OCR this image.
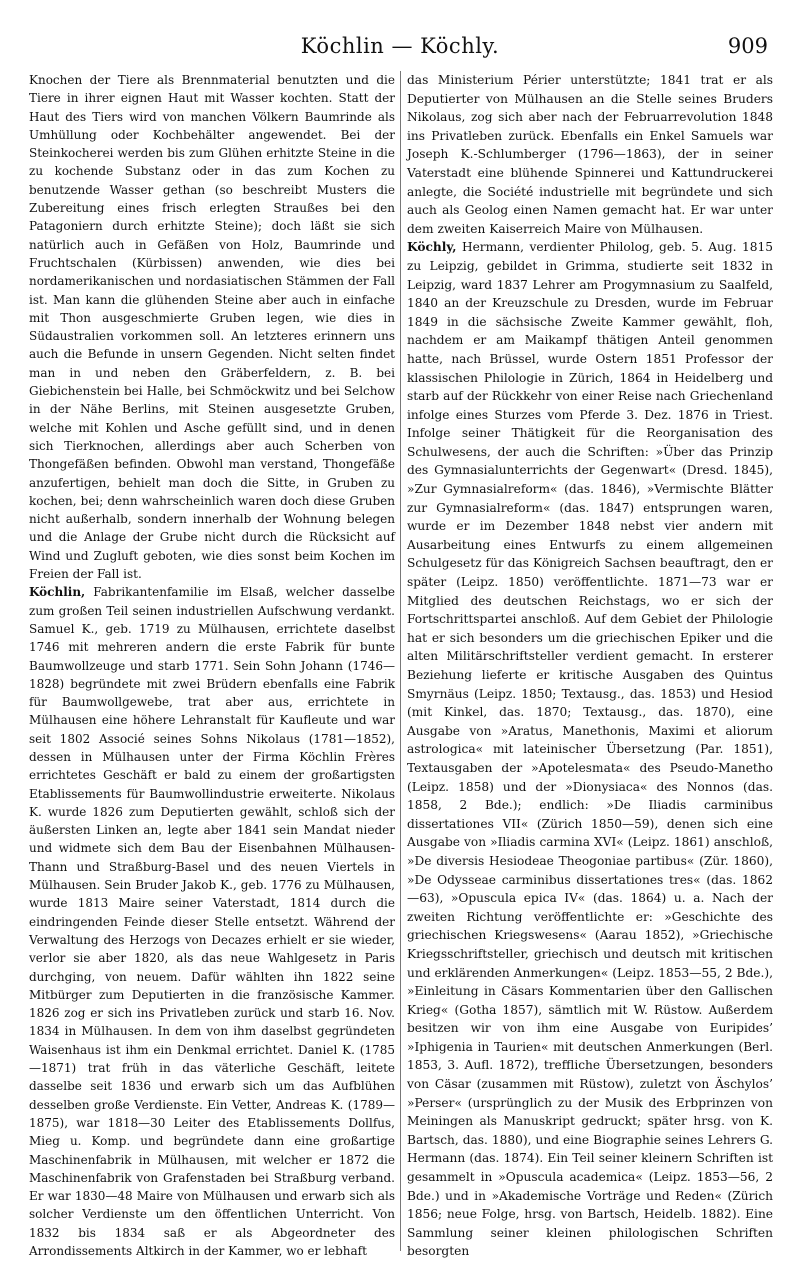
Köchlin — Köchly.	909

Knochen der Tiere als Brennmaterial benutzten und die Tiere in ihrer eignen Haut mit Wasser kochten. Statt der Haut des Tiers wird von manchen Völkern Baumrinde als Umhüllung oder Kochbehälter angewendet. Bei der Steinkocherei werden bis zum Glühen erhitzte Steine in die zu kochende Substanz oder in das zum Kochen zu benutzende Wasser gethan (so beschreibt Musters die Zubereitung eines frisch erlegten Straußes bei den Patagoniern durch erhitzte Steine); doch läßt sie sich natürlich auch in Gefäßen von Holz, Baumrinde und Fruchtschalen (Kürbissen) anwenden, wie dies bei nordamerikanischen und nordasiatischen Stämmen der Fall ist. Man kann die glühenden Steine aber auch in einfache mit Thon ausgeschmierte Gruben legen, wie dies in Südaustralien vorkommen soll. An letzteres erinnern uns auch die Befunde in unsern Gegenden. Nicht selten findet man in und neben den Gräberfeldern, z. B. bei Giebichenstein bei Halle, bei Schmöckwitz und bei Selchow in der Nähe Berlins, mit Steinen ausgesetzte Gruben, welche mit Kohlen und Asche gefüllt sind, und in denen sich Tierknochen, allerdings aber auch Scherben von Thongefäßen befinden. Obwohl man verstand, Thongefäße anzufertigen, behielt man doch die Sitte, in Gruben zu kochen, bei; denn wahrscheinlich waren doch diese Gruben nicht außerhalb, sondern innerhalb der Wohnung belegen und die Anlage der Grube nicht durch die Rücksicht auf Wind und Zugluft geboten, wie dies sonst beim Kochen im Freien der Fall ist.

Köchlin, Fabrikantenfamilie im Elsaß, welcher dasselbe zum großen Teil seinen industriellen Aufschwung verdankt. Samuel K., geb. 1719 zu Mülhausen, errichtete daselbst 1746 mit mehreren andern die erste Fabrik für bunte Baumwollzeuge und starb 1771. Sein Sohn Johann (1746—1828) begründete mit zwei Brüdern ebenfalls eine Fabrik für Baumwollgewebe, trat aber aus, errichtete in Mülhausen eine höhere Lehranstalt für Kaufleute und war seit 1802 Associé seines Sohns Nikolaus (1781—1852), dessen in Mülhausen unter der Firma Köchlin Frères errichtetes Geschäft er bald zu einem der großartigsten Etablissements für Baumwollindustrie erweiterte. Nikolaus K. wurde 1826 zum Deputierten gewählt, schloß sich der äußersten Linken an, legte aber 1841 sein Mandat nieder und widmete sich dem Bau der Eisenbahnen Mülhausen-Thann und Straßburg-Basel und des neuen Viertels in Mülhausen. Sein Bruder Jakob K., geb. 1776 zu Mülhausen, wurde 1813 Maire seiner Vaterstadt, 1814 durch die eindringenden Feinde dieser Stelle entsetzt. Während der Verwaltung des Herzogs von Decazes erhielt er sie wieder, verlor sie aber 1820, als das neue Wahlgesetz in Paris durchging, von neuem. Dafür wählten ihn 1822 seine Mitbürger zum Deputierten in die französische Kammer. 1826 zog er sich ins Privatleben zurück und starb 16. Nov. 1834 in Mülhausen. In dem von ihm daselbst gegründeten Waisenhaus ist ihm ein Denkmal errichtet. Daniel K. (1785—1871) trat früh in das väterliche Geschäft, leitete dasselbe seit 1836 und erwarb sich um das Aufblühen desselben große Verdienste. Ein Vetter, Andreas K. (1789—1875), war 1818—30 Leiter des Etablissements Dollfus, Mieg u. Komp. und begründete dann eine großartige Maschinenfabrik in Mülhausen, mit welcher er 1872 die Maschinenfabrik von Grafenstaden bei Straßburg verband. Er war 1830—48 Maire von Mülhausen und erwarb sich als solcher Verdienste um den öffentlichen Unterricht. Von 1832 bis 1834 saß er als Abgeordneter des Arrondissements Altkirch in der Kammer, wo er lebhaft

das Ministerium Périer unterstützte; 1841 trat er als Deputierter von Mülhausen an die Stelle seines Bruders Nikolaus, zog sich aber nach der Februarrevolution 1848 ins Privatleben zurück. Ebenfalls ein Enkel Samuels war Joseph K.-Schlumberger (1796—1863), der in seiner Vaterstadt eine blühende Spinnerei und Kattundruckerei anlegte, die Société industrielle mit begründete und sich auch als Geolog einen Namen gemacht hat. Er war unter dem zweiten Kaiserreich Maire von Mülhausen.

Köchly, Hermann, verdienter Philolog, geb. 5. Aug. 1815 zu Leipzig, gebildet in Grimma, studierte seit 1832 in Leipzig, ward 1837 Lehrer am Progymnasium zu Saalfeld, 1840 an der Kreuzschule zu Dresden, wurde im Februar 1849 in die sächsische Zweite Kammer gewählt, floh, nachdem er am Maikampf thätigen Anteil genommen hatte, nach Brüssel, wurde Ostern 1851 Professor der klassischen Philologie in Zürich, 1864 in Heidelberg und starb auf der Rückkehr von einer Reise nach Griechenland infolge eines Sturzes vom Pferde 3. Dez. 1876 in Triest. Infolge seiner Thätigkeit für die Reorganisation des Schulwesens, der auch die Schriften: »Über das Prinzip des Gymnasialunterrichts der Gegenwart« (Dresd. 1845), »Zur Gymnasialreform« (das. 1846), »Vermischte Blätter zur Gymnasialreform« (das. 1847) entsprungen waren, wurde er im Dezember 1848 nebst vier andern mit Ausarbeitung eines Entwurfs zu einem allgemeinen Schulgesetz für das Königreich Sachsen beauftragt, den er später (Leipz. 1850) veröffentlichte. 1871—73 war er Mitglied des deutschen Reichstags, wo er sich der Fortschrittspartei anschloß. Auf dem Gebiet der Philologie hat er sich besonders um die griechischen Epiker und die alten Militärschriftsteller verdient gemacht. In ersterer Beziehung lieferte er kritische Ausgaben des Quintus Smyrnäus (Leipz. 1850; Textausg., das. 1853) und Hesiod (mit Kinkel, das. 1870; Textausg., das. 1870), eine Ausgabe von »Aratus, Manethonis, Maximi et aliorum astrologica« mit lateinischer Übersetzung (Par. 1851), Textausgaben der »Apotelesmata« des Pseudo-Manetho (Leipz. 1858) und der »Dionysiaca« des Nonnos (das. 1858, 2 Bde.); endlich: »De Iliadis carminibus dissertationes VII« (Zürich 1850—59), denen sich eine Ausgabe von »Iliadis carmina XVI« (Leipz. 1861) anschloß, »De diversis Hesiodeae Theogoniae partibus« (Zür. 1860), »De Odysseae carminibus dissertationes tres« (das. 1862—63), »Opuscula epica IV« (das. 1864) u. a. Nach der zweiten Richtung veröffentlichte er: »Geschichte des griechischen Kriegswesens« (Aarau 1852), »Griechische Kriegsschriftsteller, griechisch und deutsch mit kritischen und erklärenden Anmerkungen« (Leipz. 1853—55, 2 Bde.), »Einleitung in Cäsars Kommentarien über den Gallischen Krieg« (Gotha 1857), sämtlich mit W. Rüstow. Außerdem besitzen wir von ihm eine Ausgabe von Euripides’ »Iphigenia in Taurien« mit deutschen Anmerkungen (Berl. 1853, 3. Aufl. 1872), treffliche Übersetzungen, besonders von Cäsar (zusammen mit Rüstow), zuletzt von Äschylos’ »Perser« (ursprünglich zu der Musik des Erbprinzen von Meiningen als Manuskript gedruckt; später hrsg. von K. Bartsch, das. 1880), und eine Biographie seines Lehrers G. Hermann (das. 1874). Ein Teil seiner kleinern Schriften ist gesammelt in »Opuscula academica« (Leipz. 1853—56, 2 Bde.) und in »Akademische Vorträge und Reden« (Zürich 1856; neue Folge, hrsg. von Bartsch, Heidelb. 1882). Eine Sammlung seiner kleinen philologischen Schriften besorgten
